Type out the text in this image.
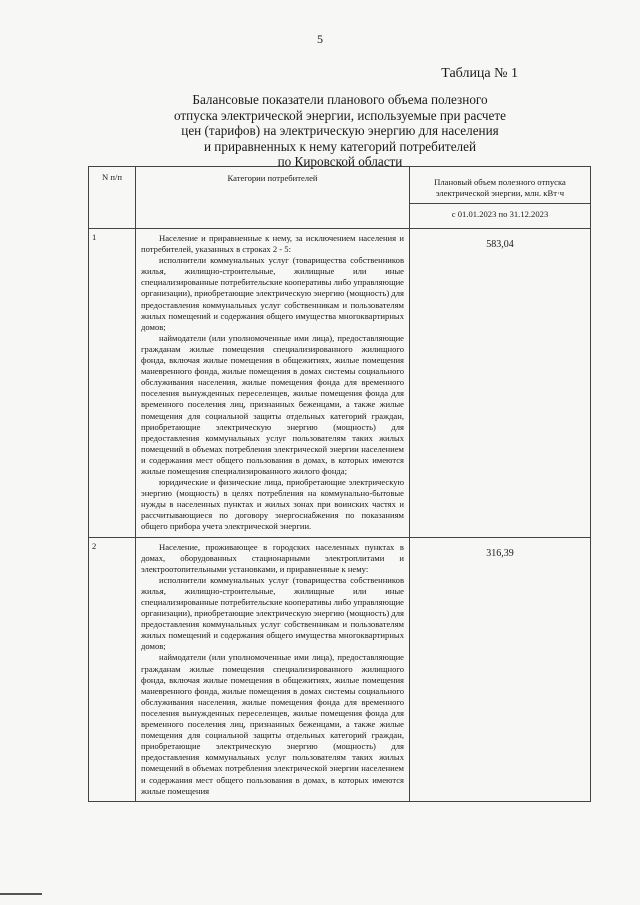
5
Таблица № 1
Балансовые показатели планового объема полезного
отпуска электрической энергии, используемые при расчете
цен (тарифов) на электрическую энергию для населения
и приравненных к нему категорий потребителей
по Кировской области
N п/п	Категории потребителей	Плановый объем полезного отпуска электрической энергии, млн. кВт·ч
		с 01.01.2023 по 31.12.2023
1	Население и приравненные к нему, за исключением населения и потребителей, указанных в строках 2 - 5:

исполнители коммунальных услуг (товарищества собственников жилья, жилищно-строительные, жилищные или иные специализированные потребительские кооперативы либо управляющие организации), приобретающие электрическую энергию (мощность) для предоставления коммунальных услуг собственникам и пользователям жилых помещений и содержания общего имущества многоквартирных домов;

наймодатели (или уполномоченные ими лица), предоставляющие гражданам жилые помещения специализированного жилищного фонда, включая жилые помещения в общежитиях, жилые помещения маневренного фонда, жилые помещения в домах системы социального обслуживания населения, жилые помещения фонда для временного поселения вынужденных переселенцев, жилые помещения фонда для временного поселения лиц, признанных беженцами, а также жилые помещения для социальной защиты отдельных категорий граждан, приобретающие электрическую энергию (мощность) для предоставления коммунальных услуг пользователям таких жилых помещений в объемах потребления электрической энергии населением и содержания мест общего пользования в домах, в которых имеются жилые помещения специализированного жилого фонда;

юридические и физические лица, приобретающие электрическую энергию (мощность) в целях потребления на коммунально-бытовые нужды в населенных пунктах и жилых зонах при воинских частях и рассчитывающиеся по договору энергоснабжения по показаниям общего прибора учета электрической энергии.	583,04
2	Население, проживающее в городских населенных пунктах в домах, оборудованных стационарными электроплитами и электроотопительными установками, и приравненные к нему:

исполнители коммунальных услуг (товарищества собственников жилья, жилищно-строительные, жилищные или иные специализированные потребительские кооперативы либо управляющие организации), приобретающие электрическую энергию (мощность) для предоставления коммунальных услуг собственникам и пользователям жилых помещений и содержания общего имущества многоквартирных домов;

наймодатели (или уполномоченные ими лица), предоставляющие гражданам жилые помещения специализированного жилищного фонда, включая жилые помещения в общежитиях, жилые помещения маневренного фонда, жилые помещения в домах системы социального обслуживания населения, жилые помещения фонда для временного поселения вынужденных переселенцев, жилые помещения фонда для временного поселения лиц, признанных беженцами, а также жилые помещения для социальной защиты отдельных категорий граждан, приобретающие электрическую энергию (мощность) для предоставления коммунальных услуг пользователям таких жилых помещений в объемах потребления электрической энергии населением и содержания мест общего пользования в домах, в которых имеются жилые помещения	316,39
